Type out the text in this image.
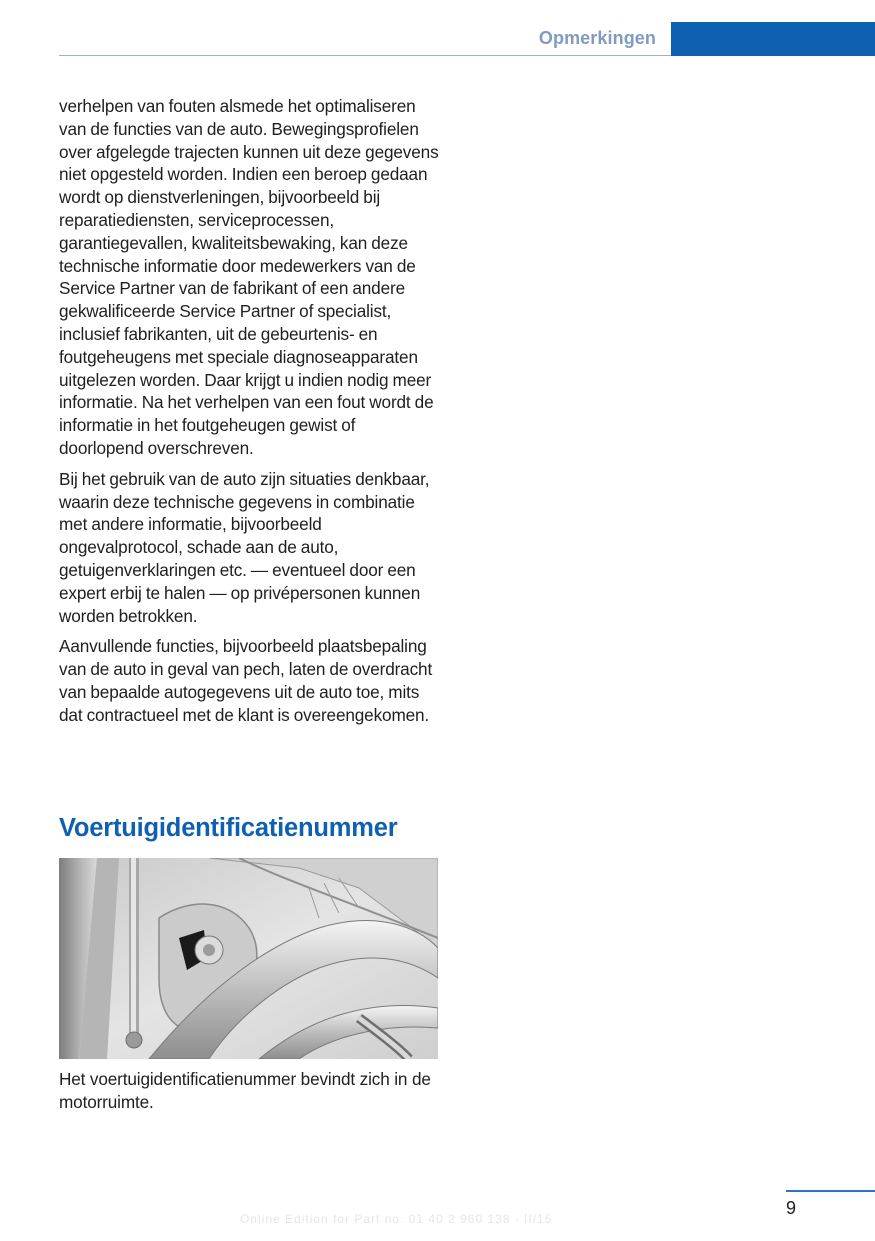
Opmerkingen

verhelpen van fouten alsmede het optimaliseren van de functies van de auto. Bewegingsprofielen over afgelegde trajecten kunnen uit deze gegevens niet opgesteld worden. Indien een beroep gedaan wordt op dienstverleningen, bijvoorbeeld bij reparatiediensten, serviceprocessen, garantiegevallen, kwaliteitsbewaking, kan deze technische informatie door medewerkers van de Service Partner van de fabrikant of een andere gekwalificeerde Service Partner of specialist, inclusief fabrikanten, uit de gebeurtenis- en foutgeheugens met speciale diagnoseapparaten uitgelezen worden. Daar krijgt u indien nodig meer informatie. Na het verhelpen van een fout wordt de informatie in het foutgeheugen gewist of doorlopend overschreven.

Bij het gebruik van de auto zijn situaties denkbaar, waarin deze technische gegevens in combinatie met andere informatie, bijvoorbeeld ongevalprotocol, schade aan de auto, getuigenverklaringen etc. — eventueel door een expert erbij te halen — op privépersonen kunnen worden betrokken.

Aanvullende functies, bijvoorbeeld plaatsbepaling van de auto in geval van pech, laten de overdracht van bepaalde autogegevens uit de auto toe, mits dat contractueel met de klant is overeengekomen.

Voertuigidentificatienummer

Het voertuigidentificatienummer bevindt zich in de motorruimte.

9
Online Edition for Part no. 01 40 2 960 138 - II/15
